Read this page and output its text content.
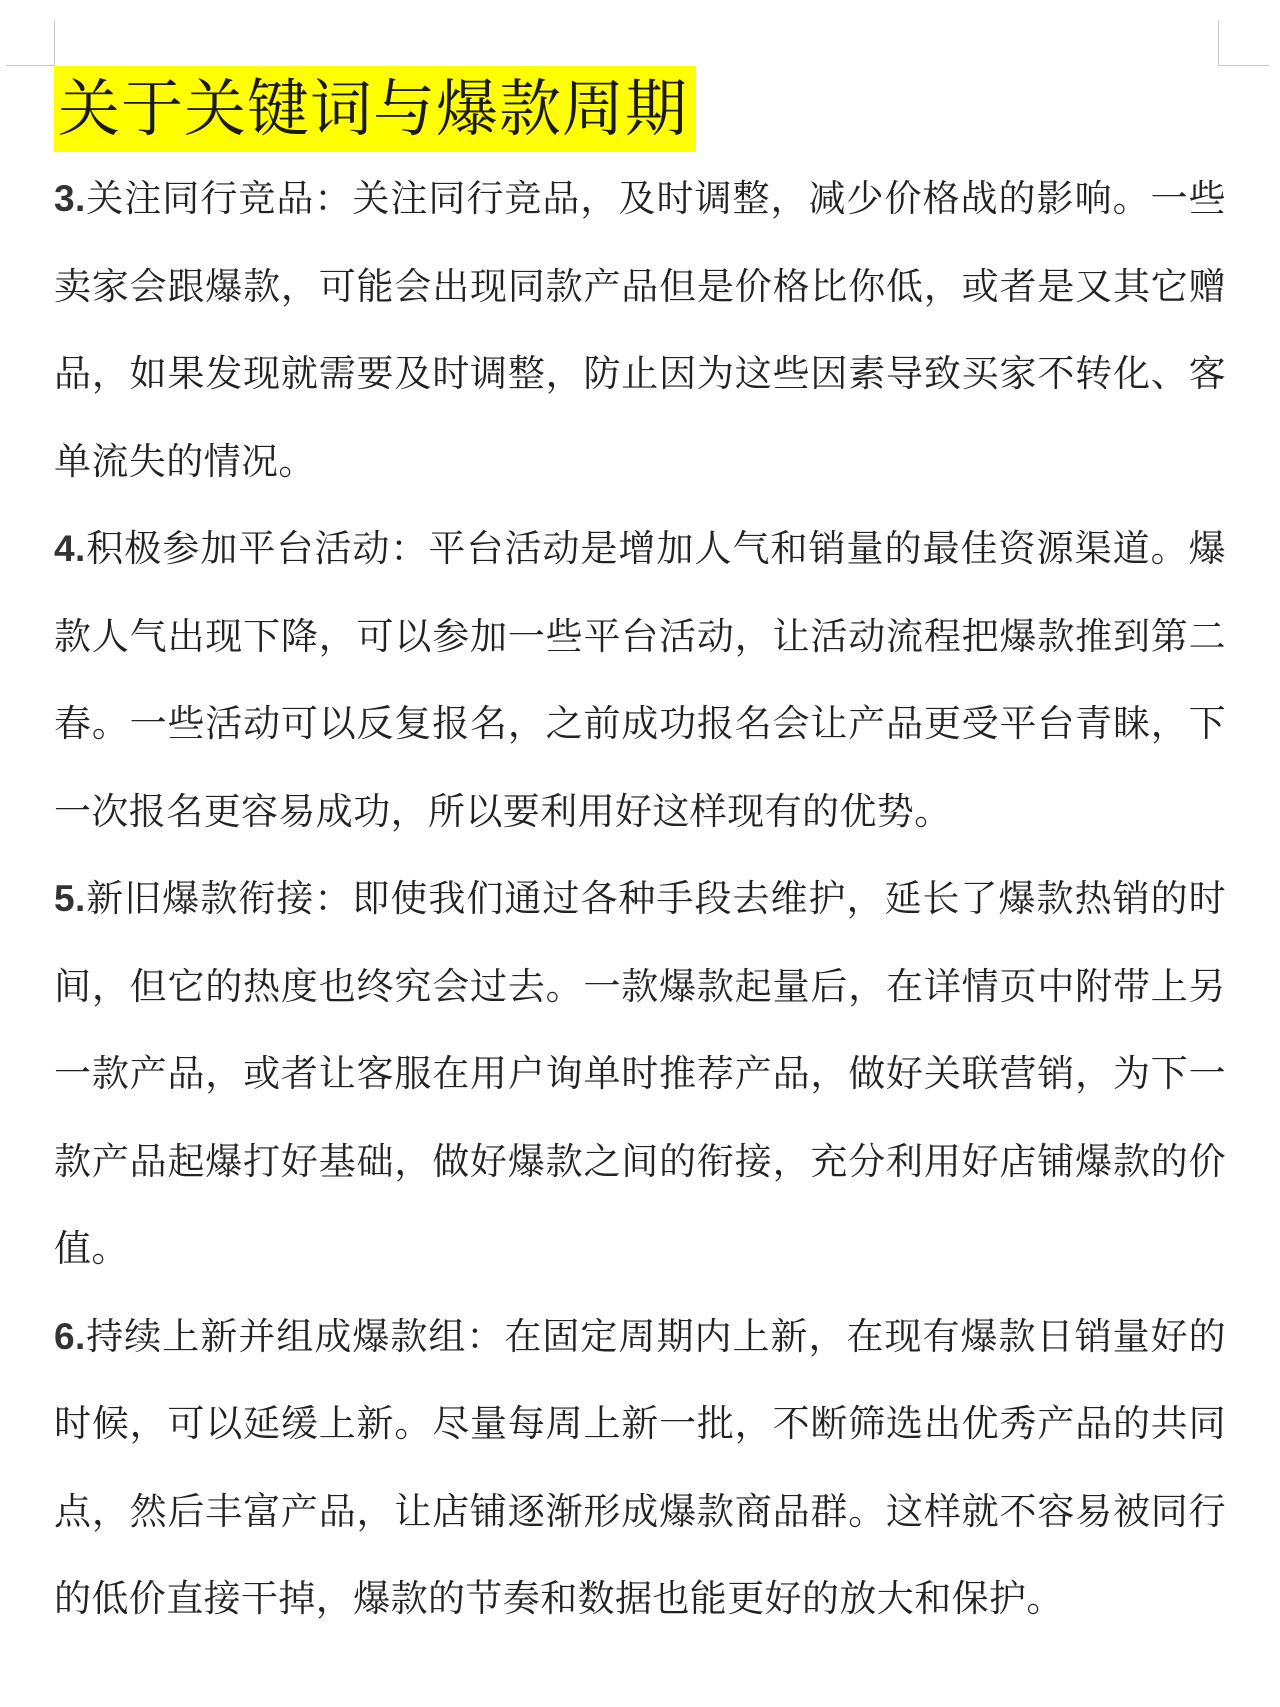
关于关键词与爆款周期

3.关注同行竞品：关注同行竞品，及时调整，减少价格战的影响。一些卖家会跟爆款，可能会出现同款产品但是价格比你低，或者是又其它赠品，如果发现就需要及时调整，防止因为这些因素导致买家不转化、客单流失的情况。

4.积极参加平台活动：平台活动是增加人气和销量的最佳资源渠道。爆款人气出现下降，可以参加一些平台活动，让活动流程把爆款推到第二春。一些活动可以反复报名，之前成功报名会让产品更受平台青睐，下一次报名更容易成功，所以要利用好这样现有的优势。

5.新旧爆款衔接：即使我们通过各种手段去维护，延长了爆款热销的时间，但它的热度也终究会过去。一款爆款起量后，在详情页中附带上另一款产品，或者让客服在用户询单时推荐产品，做好关联营销，为下一款产品起爆打好基础，做好爆款之间的衔接，充分利用好店铺爆款的价值。

6.持续上新并组成爆款组：在固定周期内上新，在现有爆款日销量好的时候，可以延缓上新。尽量每周上新一批，不断筛选出优秀产品的共同点，然后丰富产品，让店铺逐渐形成爆款商品群。这样就不容易被同行的低价直接干掉，爆款的节奏和数据也能更好的放大和保护。
